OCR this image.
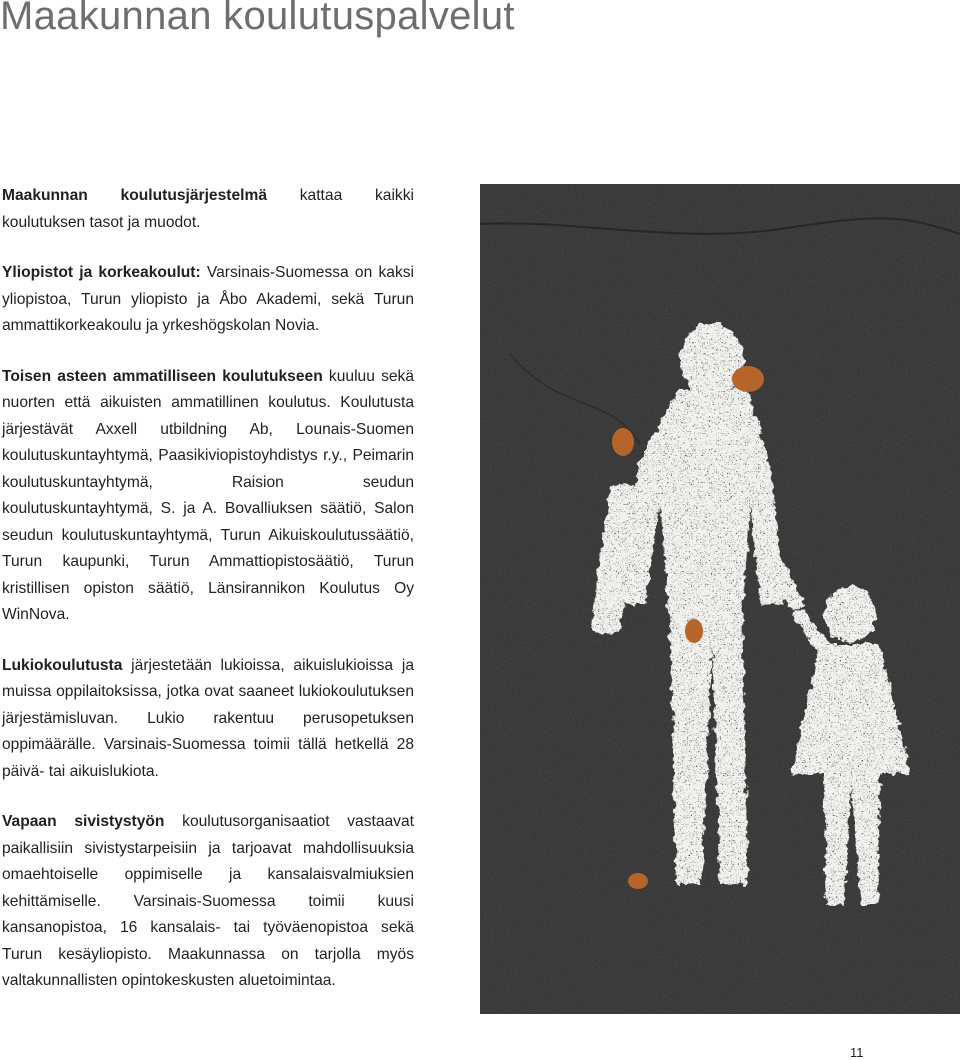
Maakunnan koulutuspalvelut

Maakunnan koulutusjärjestelmä kattaa kaikki koulutuksen tasot ja muodot.

Yliopistot ja korkeakoulut: Varsinais-Suomessa on kaksi yliopistoa, Turun yliopisto ja Åbo Akademi, sekä Turun ammattikorkeakoulu ja yrkeshögskolan Novia.

Toisen asteen ammatilliseen koulutukseen kuuluu sekä nuorten että aikuisten ammatillinen koulutus. Koulutusta järjestävät Axxell utbildning Ab, Lounais-Suomen koulutuskuntayhtymä, Paasikiviopistoyhdistys r.y., Peimarin koulutuskuntayhtymä, Raision seudun koulutuskuntayhtymä, S. ja A. Bovalliuksen säätiö, Salon seudun koulutuskuntayhtymä, Turun Aikuiskoulutussäätiö, Turun kaupunki, Turun Ammattiopistosäätiö, Turun kristillisen opiston säätiö, Länsirannikon Koulutus Oy WinNova.

Lukiokoulutusta järjestetään lukioissa, aikuislukioissa ja muissa oppilaitoksissa, jotka ovat saaneet lukiokoulutuksen järjestämisluvan. Lukio rakentuu perusopetuksen oppimäärälle. Varsinais-Suomessa toimii tällä hetkellä 28 päivä- tai aikuislukiota.

Vapaan sivistystyön koulutusorganisaatiot vastaavat paikallisiin sivistystarpeisiin ja tarjoavat mahdollisuuksia omaehtoiselle oppimiselle ja kansalaisvalmiuksien kehittämiselle. Varsinais-Suomessa toimii kuusi kansanopistoa, 16 kansalais- tai työväenopistoa sekä Turun kesäyliopisto. Maakunnassa on tarjolla myös valtakunnallisten opintokeskusten aluetoimintaa.

11
